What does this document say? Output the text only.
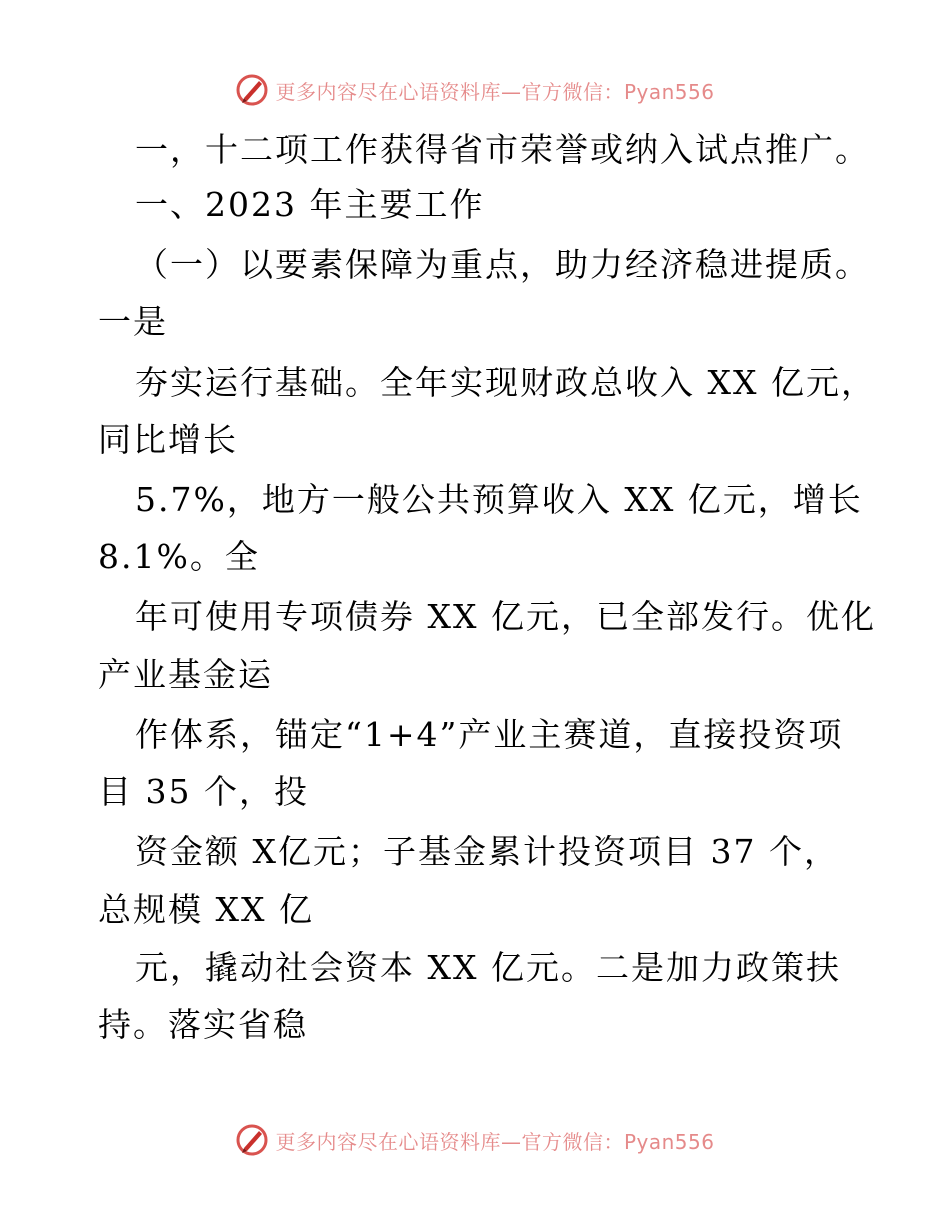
更多内容尽在心语资料库—官方微信：Pyan556
一，十二项工作获得省市荣誉或纳入试点推广。
一、2023 年主要工作
（一）以要素保障为重点，助力经济稳进提质。
一是
夯实运行基础。全年实现财政总收入 XX 亿元，
同比增长
5.7%，地方一般公共预算收入 XX 亿元，增长
8.1%。全
年可使用专项债券 XX 亿元，已全部发行。优化
产业基金运
作体系，锚定“1+4”产业主赛道，直接投资项
目 35 个，投
资金额 X亿元；子基金累计投资项目 37 个，
总规模 XX 亿
元，撬动社会资本 XX 亿元。二是加力政策扶
持。落实省稳
更多内容尽在心语资料库—官方微信：Pyan556
